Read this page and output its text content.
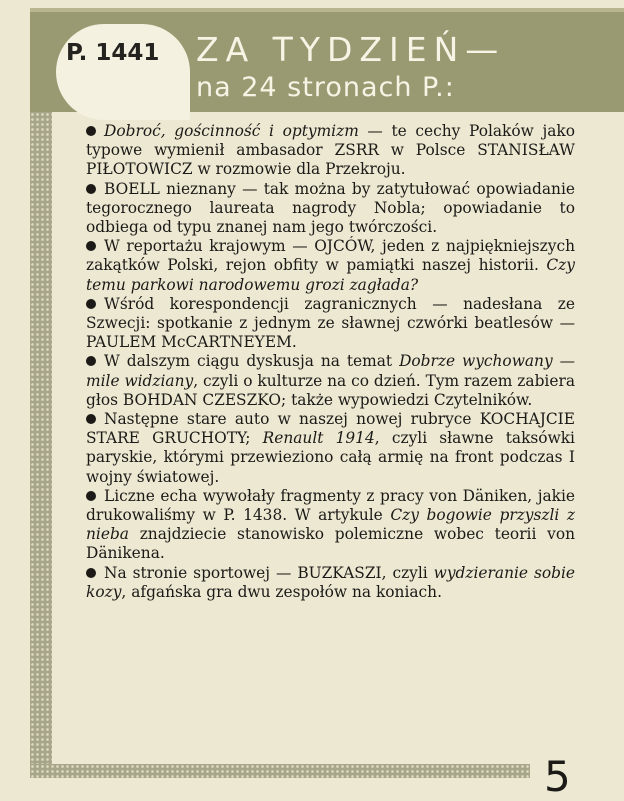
P. 1441 ZA TYDZIEŃ—
na 24 stronach P.:

Dobroć, gościnność i optymizm — te cechy Polaków jako typowe wymienił ambasador ZSRR w Polsce STANISŁAW PIŁOTOWICZ w rozmowie dla Przekroju.

BOELL nieznany — tak można by zatytułować opowiadanie tegorocznego laureata nagrody Nobla; opowiadanie to odbiega od typu znanej nam jego twórczości.

W reportażu krajowym — OJCÓW, jeden z najpiękniejszych zakątków Polski, rejon obfity w pamiątki naszej historii. Czy temu parkowi narodowemu grozi zagłada?

Wśród korespondencji zagranicznych — nadesłana ze Szwecji: spotkanie z jednym ze sławnej czwórki beatlesów — PAULEM McCARTNEYEM.

W dalszym ciągu dyskusja na temat Dobrze wychowany — mile widziany, czyli o kulturze na co dzień. Tym razem zabiera głos BOHDAN CZESZKO; także wypowiedzi Czytelników.

Następne stare auto w naszej nowej rubryce KOCHAJCIE STARE GRUCHOTY; Renault 1914, czyli sławne taksówki paryskie, którymi przewieziono całą armię na front podczas I wojny światowej.

Liczne echa wywołały fragmenty z pracy von Däniken, jakie drukowaliśmy w P. 1438. W artykule Czy bogowie przyszli z nieba znajdziecie stanowisko polemiczne wobec teorii von Dänikena.

Na stronie sportowej — BUZKASZI, czyli wydzieranie sobie kozy, afgańska gra dwu zespołów na koniach.

5
